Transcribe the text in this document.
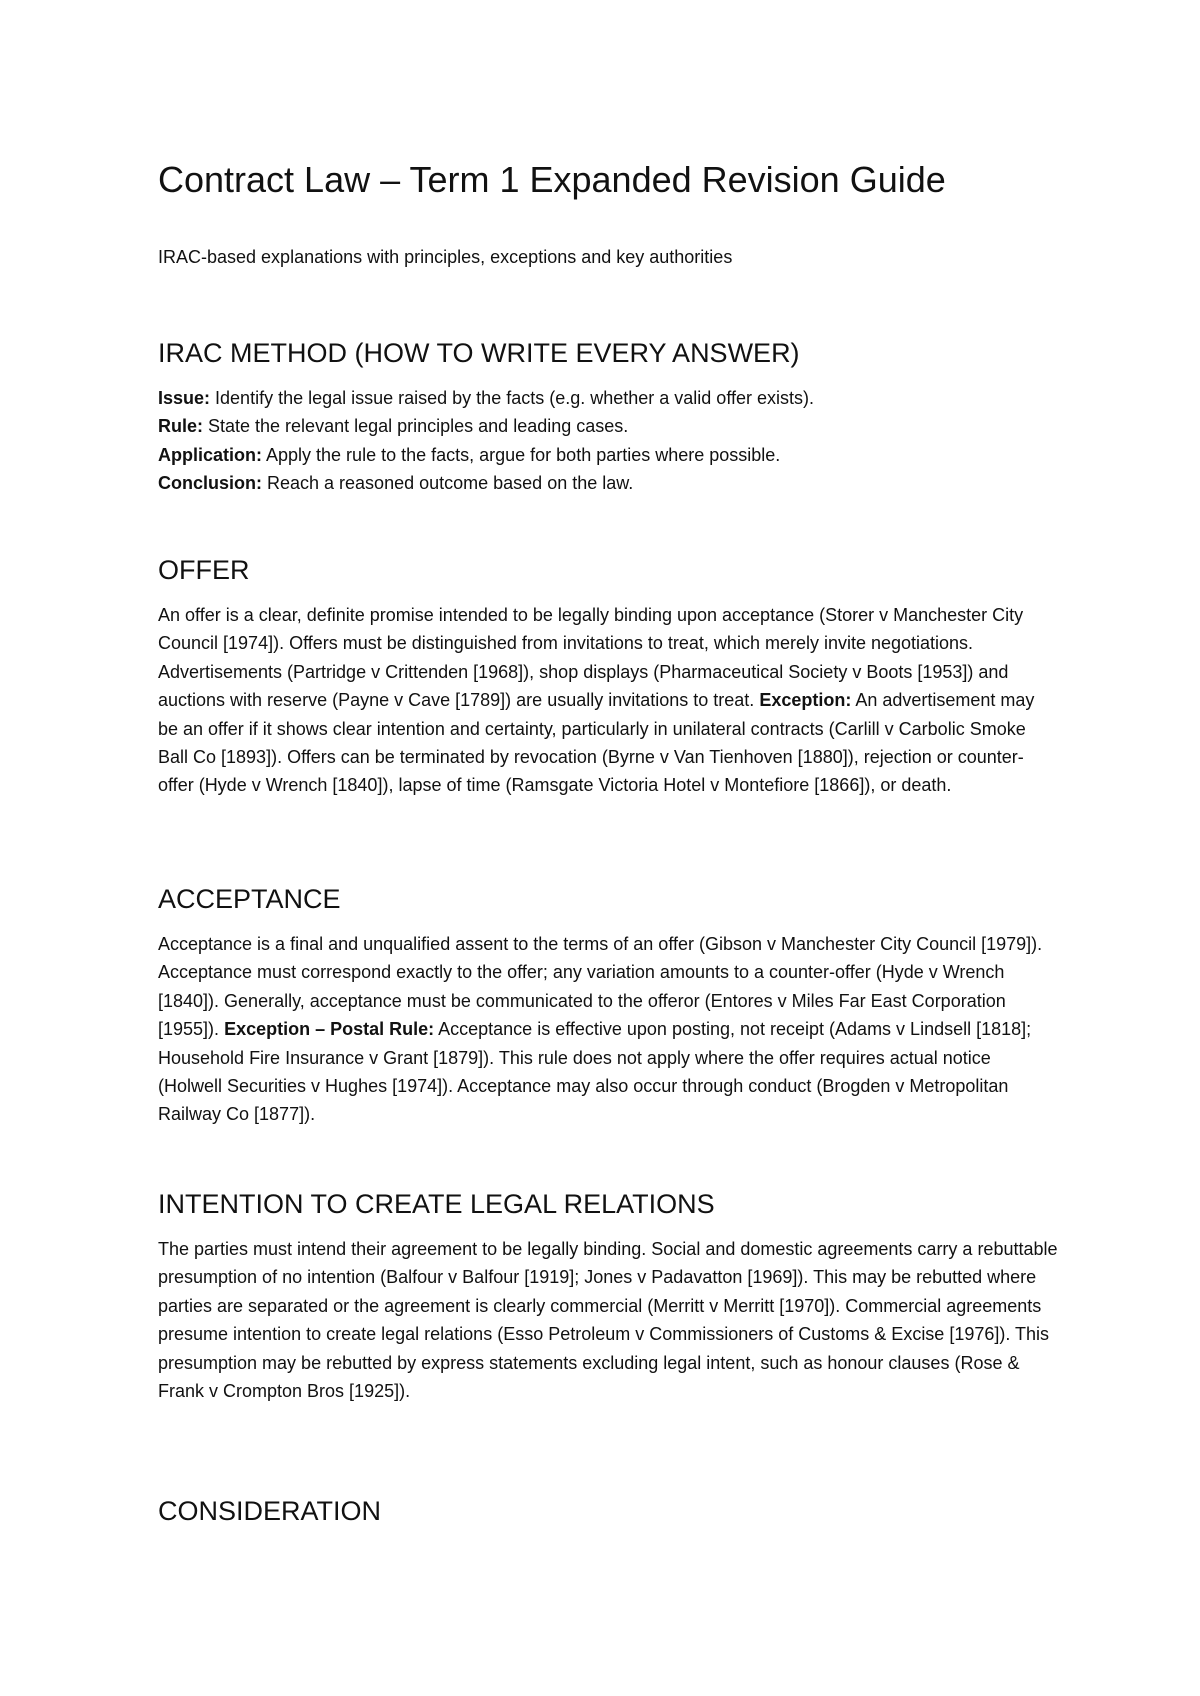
Contract Law – Term 1 Expanded Revision Guide
IRAC-based explanations with principles, exceptions and key authorities
IRAC METHOD (HOW TO WRITE EVERY ANSWER)
Issue: Identify the legal issue raised by the facts (e.g. whether a valid offer exists).
Rule: State the relevant legal principles and leading cases.
Application: Apply the rule to the facts, argue for both parties where possible.
Conclusion: Reach a reasoned outcome based on the law.
OFFER

An offer is a clear, definite promise intended to be legally binding upon acceptance (Storer v Manchester City Council [1974]). Offers must be distinguished from invitations to treat, which merely invite negotiations. Advertisements (Partridge v Crittenden [1968]), shop displays (Pharmaceutical Society v Boots [1953]) and auctions with reserve (Payne v Cave [1789]) are usually invitations to treat. Exception: An advertisement may be an offer if it shows clear intention and certainty, particularly in unilateral contracts (Carlill v Carbolic Smoke Ball Co [1893]). Offers can be terminated by revocation (Byrne v Van Tienhoven [1880]), rejection or counter-offer (Hyde v Wrench [1840]), lapse of time (Ramsgate Victoria Hotel v Montefiore [1866]), or death.

ACCEPTANCE

Acceptance is a final and unqualified assent to the terms of an offer (Gibson v Manchester City Council [1979]). Acceptance must correspond exactly to the offer; any variation amounts to a counter-offer (Hyde v Wrench [1840]). Generally, acceptance must be communicated to the offeror (Entores v Miles Far East Corporation [1955]). Exception – Postal Rule: Acceptance is effective upon posting, not receipt (Adams v Lindsell [1818]; Household Fire Insurance v Grant [1879]). This rule does not apply where the offer requires actual notice (Holwell Securities v Hughes [1974]). Acceptance may also occur through conduct (Brogden v Metropolitan Railway Co [1877]).

INTENTION TO CREATE LEGAL RELATIONS

The parties must intend their agreement to be legally binding. Social and domestic agreements carry a rebuttable presumption of no intention (Balfour v Balfour [1919]; Jones v Padavatton [1969]). This may be rebutted where parties are separated or the agreement is clearly commercial (Merritt v Merritt [1970]). Commercial agreements presume intention to create legal relations (Esso Petroleum v Commissioners of Customs & Excise [1976]). This presumption may be rebutted by express statements excluding legal intent, such as honour clauses (Rose & Frank v Crompton Bros [1925]).

CONSIDERATION
